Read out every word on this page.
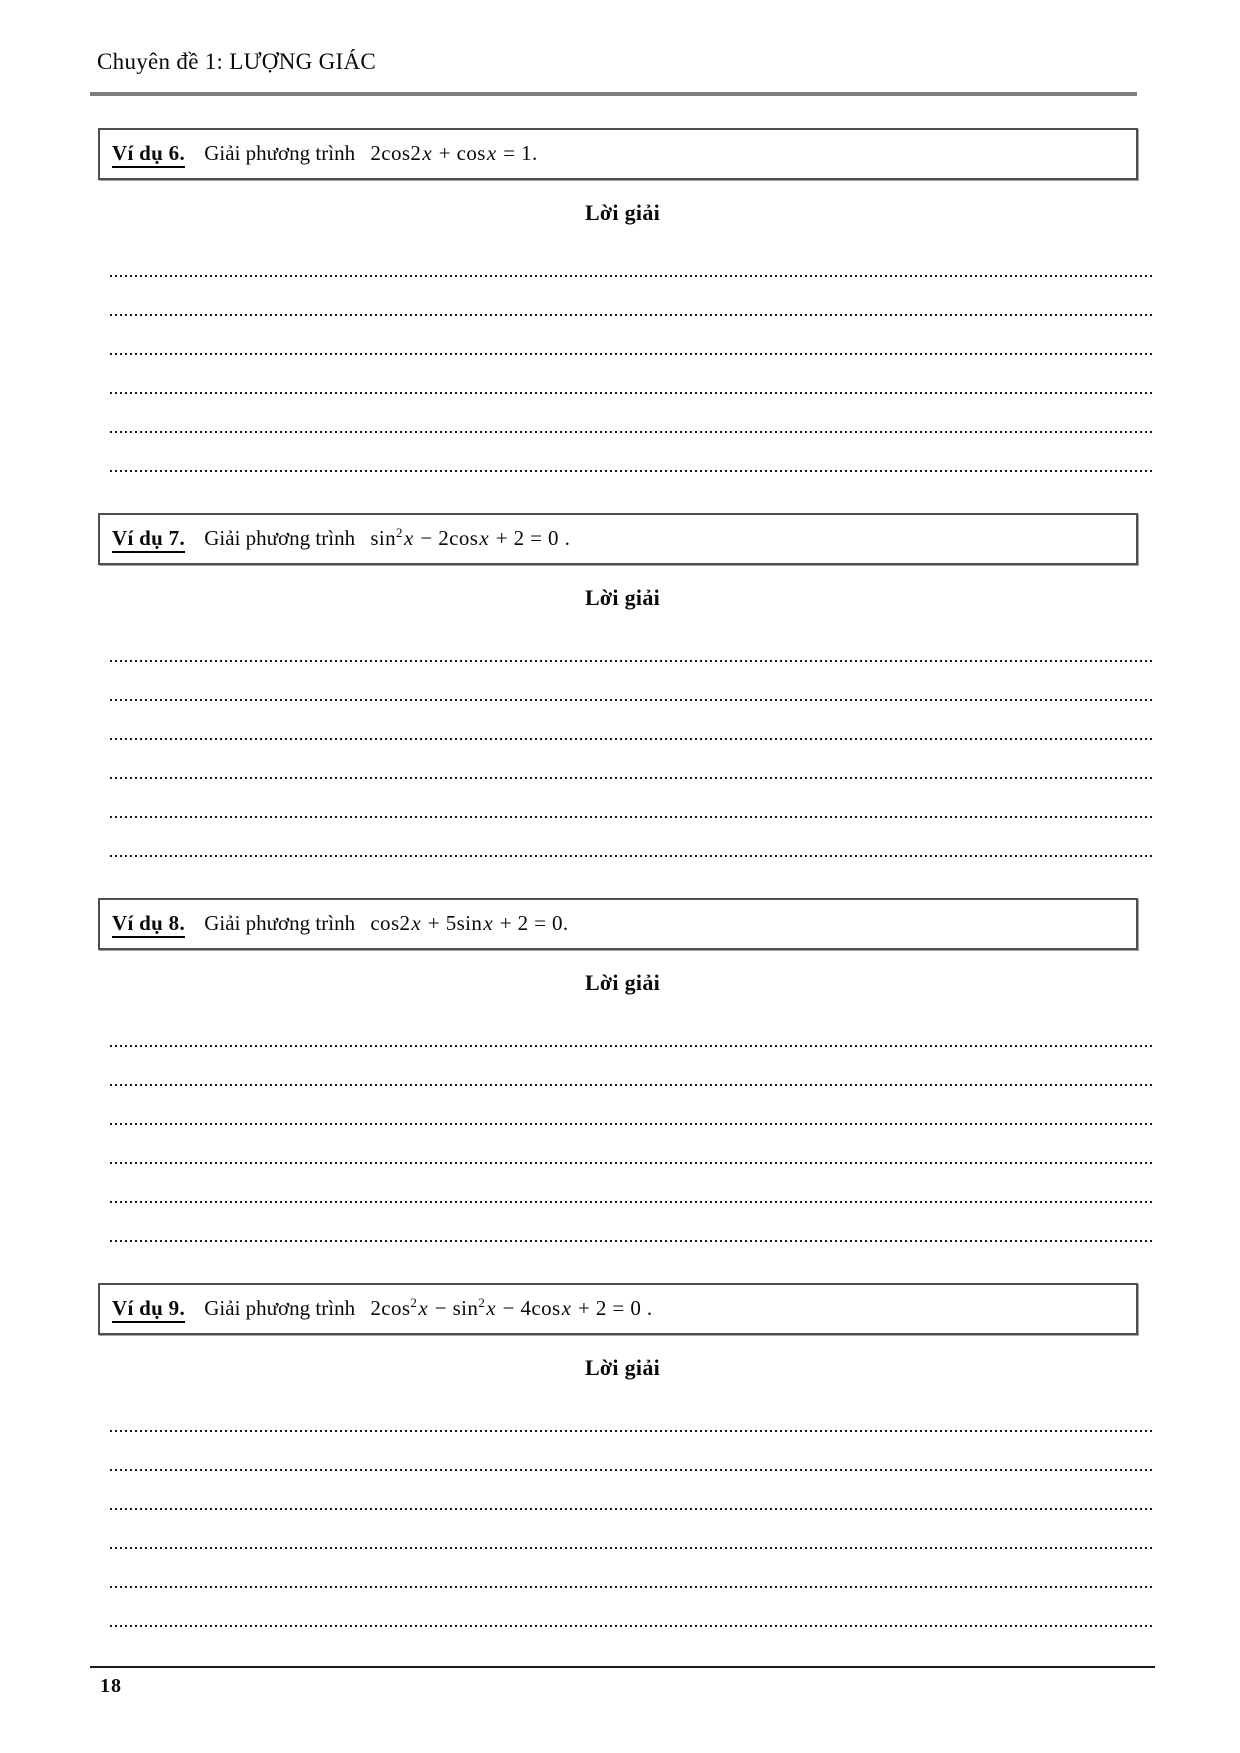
Chuyên đề 1: LƯỢNG GIÁC
Ví dụ 6. Giải phương trình 2cos2x + cosx = 1.
Lời giải
Ví dụ 7. Giải phương trình $\sin^2x - 2\cos x + 2 = 0$ .
Lời giải
Ví dụ 8. Giải phương trình cos2x + 5sinx + 2 = 0.
Lời giải
Ví dụ 9. Giải phương trình $2\cos^2x - \sin^2x - 4\cos x + 2 = 0$ .
Lời giải
18
